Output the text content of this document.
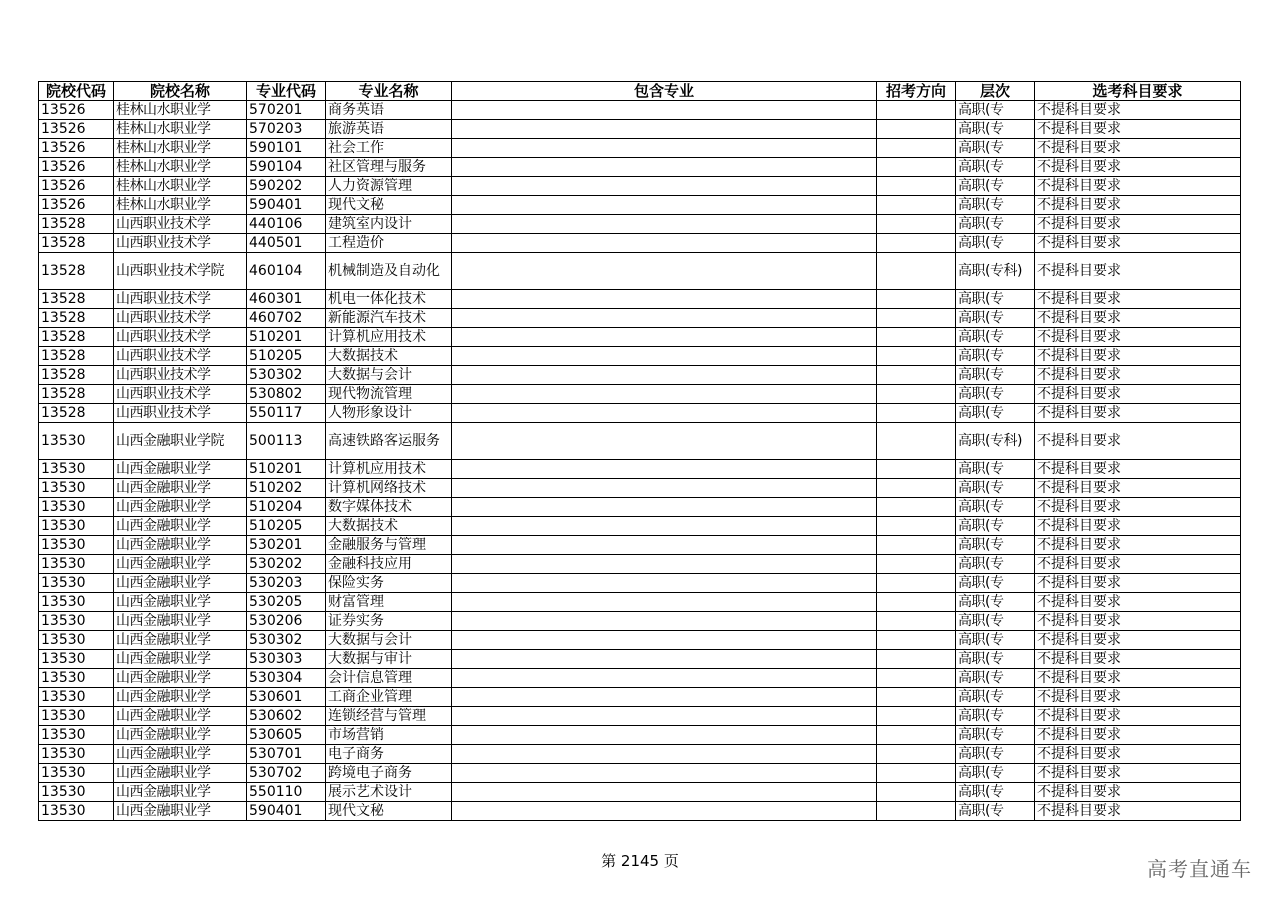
院校代码	院校名称	专业代码	专业名称	包含专业	招考方向	层次	选考科目要求
13526	桂林山水职业学	570201	商务英语			高职(专	不提科目要求
13526	桂林山水职业学	570203	旅游英语			高职(专	不提科目要求
13526	桂林山水职业学	590101	社会工作			高职(专	不提科目要求
13526	桂林山水职业学	590104	社区管理与服务			高职(专	不提科目要求
13526	桂林山水职业学	590202	人力资源管理			高职(专	不提科目要求
13526	桂林山水职业学	590401	现代文秘			高职(专	不提科目要求
13528	山西职业技术学	440106	建筑室内设计			高职(专	不提科目要求
13528	山西职业技术学	440501	工程造价			高职(专	不提科目要求
13528	山西职业技术学院	460104	机械制造及自动化			高职(专科)	不提科目要求
13528	山西职业技术学	460301	机电一体化技术			高职(专	不提科目要求
13528	山西职业技术学	460702	新能源汽车技术			高职(专	不提科目要求
13528	山西职业技术学	510201	计算机应用技术			高职(专	不提科目要求
13528	山西职业技术学	510205	大数据技术			高职(专	不提科目要求
13528	山西职业技术学	530302	大数据与会计			高职(专	不提科目要求
13528	山西职业技术学	530802	现代物流管理			高职(专	不提科目要求
13528	山西职业技术学	550117	人物形象设计			高职(专	不提科目要求
13530	山西金融职业学院	500113	高速铁路客运服务			高职(专科)	不提科目要求
13530	山西金融职业学	510201	计算机应用技术			高职(专	不提科目要求
13530	山西金融职业学	510202	计算机网络技术			高职(专	不提科目要求
13530	山西金融职业学	510204	数字媒体技术			高职(专	不提科目要求
13530	山西金融职业学	510205	大数据技术			高职(专	不提科目要求
13530	山西金融职业学	530201	金融服务与管理			高职(专	不提科目要求
13530	山西金融职业学	530202	金融科技应用			高职(专	不提科目要求
13530	山西金融职业学	530203	保险实务			高职(专	不提科目要求
13530	山西金融职业学	530205	财富管理			高职(专	不提科目要求
13530	山西金融职业学	530206	证券实务			高职(专	不提科目要求
13530	山西金融职业学	530302	大数据与会计			高职(专	不提科目要求
13530	山西金融职业学	530303	大数据与审计			高职(专	不提科目要求
13530	山西金融职业学	530304	会计信息管理			高职(专	不提科目要求
13530	山西金融职业学	530601	工商企业管理			高职(专	不提科目要求
13530	山西金融职业学	530602	连锁经营与管理			高职(专	不提科目要求
13530	山西金融职业学	530605	市场营销			高职(专	不提科目要求
13530	山西金融职业学	530701	电子商务			高职(专	不提科目要求
13530	山西金融职业学	530702	跨境电子商务			高职(专	不提科目要求
13530	山西金融职业学	550110	展示艺术设计			高职(专	不提科目要求
13530	山西金融职业学	590401	现代文秘			高职(专	不提科目要求
第 2145 页	高考直通车
